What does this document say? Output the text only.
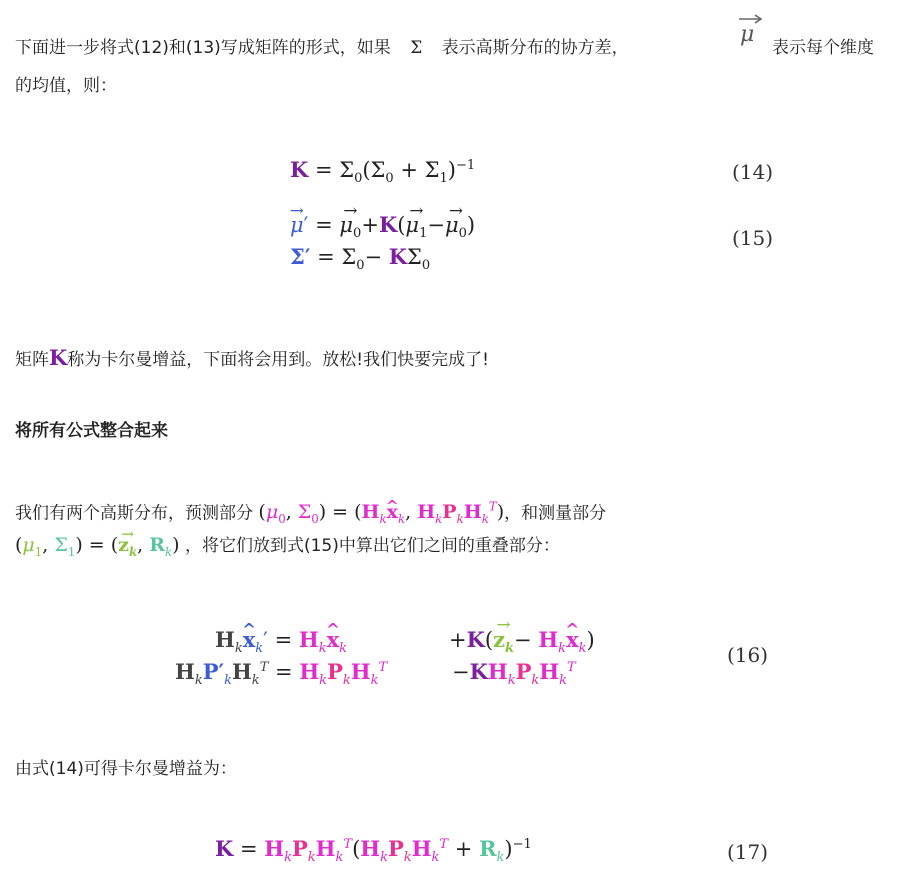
下面进一步将式(12)和(13)写成矩阵的形式，如果 Σ 表示高斯分布的协方差，
μ
表示每个维度
的均值，则：
$K = \Sigma_0(\Sigma_0 + \Sigma_1)^{-1}$	(14)
→ μ′ = → $\mu_0+K(\to \mu_1-\to \mu_0)$
$\Sigma' = \Sigma_0- K\Sigma_0$
(15)
矩阵K称为卡尔曼增益，下面将会用到。放松!我们快要完成了!
将所有公式整合起来
我们有两个高斯分布，预测部分 ($\mu_0$, $\Sigma_0$) = ($H_k\^{}$ $x_k$, $H_kP_kH_k^T$)，和测量部分
($\mu_1$, $\Sigma_1$) = (→ $z_k$, $R_k$) ，将它们放到式(15)中算出它们之间的重叠部分：
$H_k\^{}$ $x_k'$ = $H_k\^{}$ $x_k$	$+K(\to z_k-$ $H_k\^{}$ $x_k$)
$H_kP'_kH_k^T = H_kP_kH_k^T$	$-KH_kP_kH_k^T$
(16)
由式(14)可得卡尔曼增益为：
$K = H_kP_kH_k^T(H_kP_kH_k^T + R_k)^{-1}$	(17)
